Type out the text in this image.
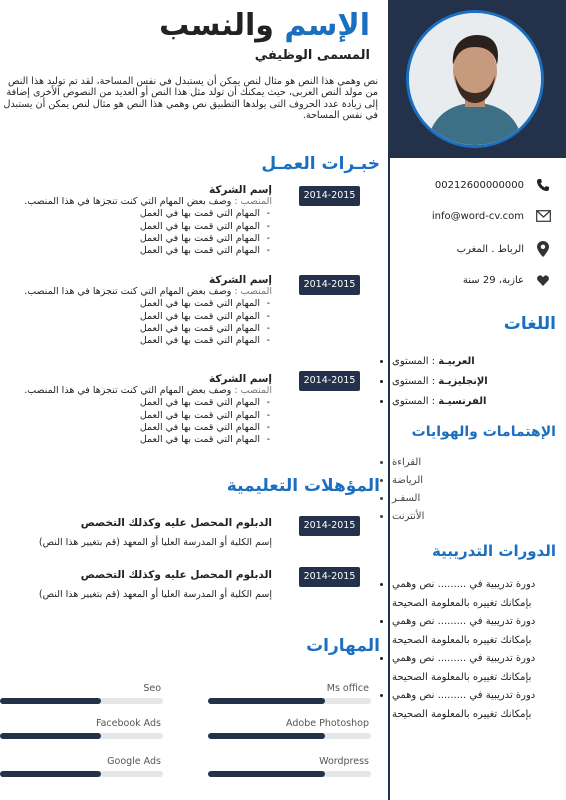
00212600000000
info@word-cv.com
الرباط . المغرب
عازبة، 29 سنة
اللغات
• العربيـة : المستوى
• الإنجليزيـة : المستوى
• الفرنسيـة : المستوى
الإهتمامات والهوايات
• القراءة
• الرياضة
• السفـر
• الأنترنت
الدورات التدريبية
• دورة تدريبية في ......... نص وهمي بإمكانك تغييره بالمعلومة الصحيحة
• دورة تدريبية في ......... نص وهمي بإمكانك تغييره بالمعلومة الصحيحة
• دورة تدريبية في ......... نص وهمي بإمكانك تغييره بالمعلومة الصحيحة
• دورة تدريبية في ......... نص وهمي بإمكانك تغييره بالمعلومة الصحيحة
الإسم والنسب
المسمى الوظيفي
نص وهمي هذا النص هو مثال لنص يمكن أن يستبدل في نفس المساحة، لقد تم توليد هذا النص من مولد النص العربى، حيث يمكنك أن تولد مثل هذا النص أو العديد من النصوص الأخرى إضافة إلى زيادة عدد الحروف التى يولدها التطبيق نص وهمي هذا النص هو مثال لنص يمكن أن يستبدل في نفس المساحة.
خبـرات العمـل
2014-2015
إسم الشركة
المنصب : وصف بعض المهام التي كنت تنجزها في هذا المنصب.
- المهام التي قمت بها في العمل
- المهام التي قمت بها في العمل
- المهام التي قمت بها في العمل
- المهام التي قمت بها في العمل
2014-2015
إسم الشركة
المنصب : وصف بعض المهام التي كنت تنجزها في هذا المنصب.
- المهام التي قمت بها في العمل
- المهام التي قمت بها في العمل
- المهام التي قمت بها في العمل
- المهام التي قمت بها في العمل
2014-2015
إسم الشركة
المنصب : وصف بعض المهام التي كنت تنجزها في هذا المنصب.
- المهام التي قمت بها في العمل
- المهام التي قمت بها في العمل
- المهام التي قمت بها في العمل
- المهام التي قمت بها في العمل
المؤهلات التعليمية
2014-2015
الدبلوم المحصل عليه وكذلك التخصص
إسم الكلية أو المدرسة العليا أو المعهد (قم بتغيير هذا النص)
2014-2015
الدبلوم المحصل عليه وكذلك التخصص
إسم الكلية أو المدرسة العليا أو المعهد (قم بتغيير هذا النص)
المهارات
Ms office
Seo
Adobe Photoshop
Facebook Ads
Wordpress
Google Ads
